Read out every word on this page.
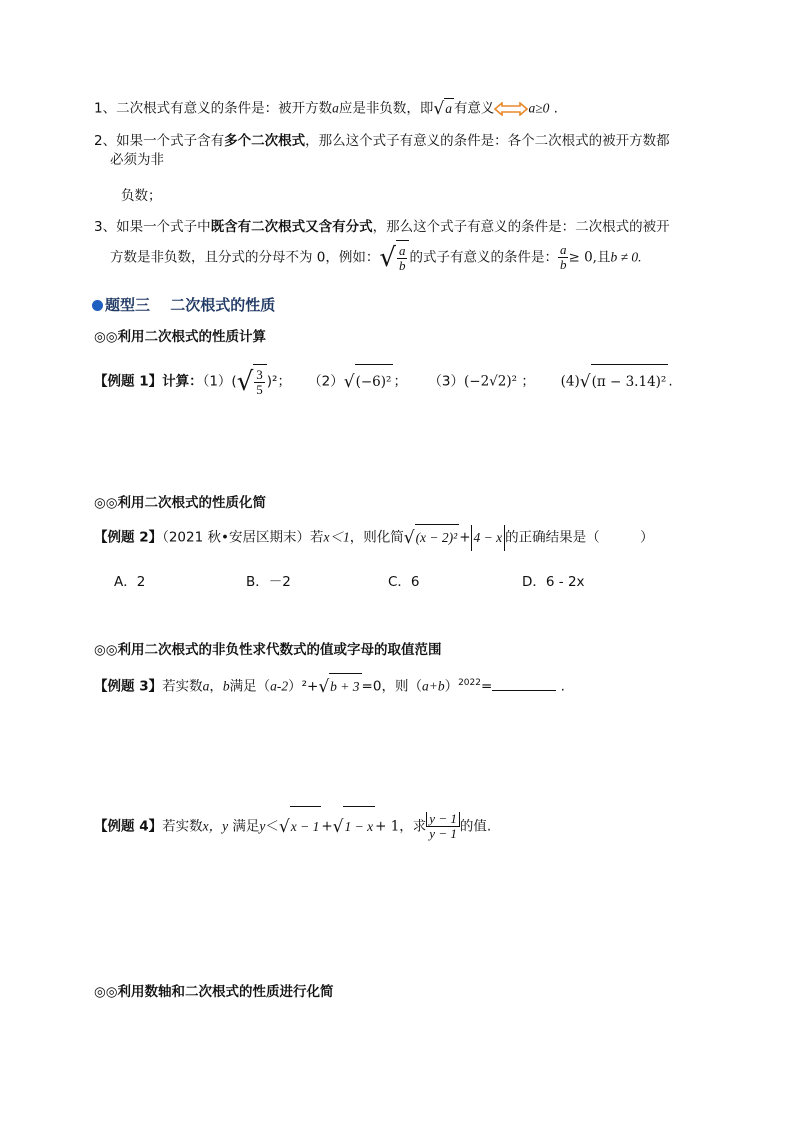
1、二次根式有意义的条件是：被开方数a应是非负数，即√a 有意义	a≥0 .
2、如果一个式子含有多个二次根式，那么这个式子有意义的条件是：各个二次根式的被开方数都
必须为非
负数；
3、如果一个式子中既含有二次根式又含有分式，那么这个式子有意义的条件是：二次根式的被开
方数是非负数，且分式的分母不为 0，例如：√ $\frac{a}{b}$ 的式子有意义的条件是： $\frac{a}{b} \ge 0$,且b ≠ 0.
题型三　 二次根式的性质
◎◎利用二次根式的性质计算
【例题 1】计算：$(1)(√ \frac{3}{5} )^2$； （2）√(−6)² ； （3）(−2√2)² ； (4)√(π − 3.14)² .
◎◎利用二次根式的性质化简
【例题 2】（2021 秋•安居区期末）若x＜1，则化简√(x − 2)² + 4 − x 的正确结果是（　　　）
A．2	B．－2	C．6	D．6 - 2x
◎◎利用二次根式的非负性求代数式的值或字母的取值范围
【例题 3】若实数a，b满足（a-2）²+√b + 3 =0，则$(a+b)^{2022}=$	.
【例题 4】若实数x，y 满足y＜√x − 1 +√1 − x + 1，求 $\frac{y - 1}{y - 1}$ 的值.
◎◎利用数轴和二次根式的性质进行化简
